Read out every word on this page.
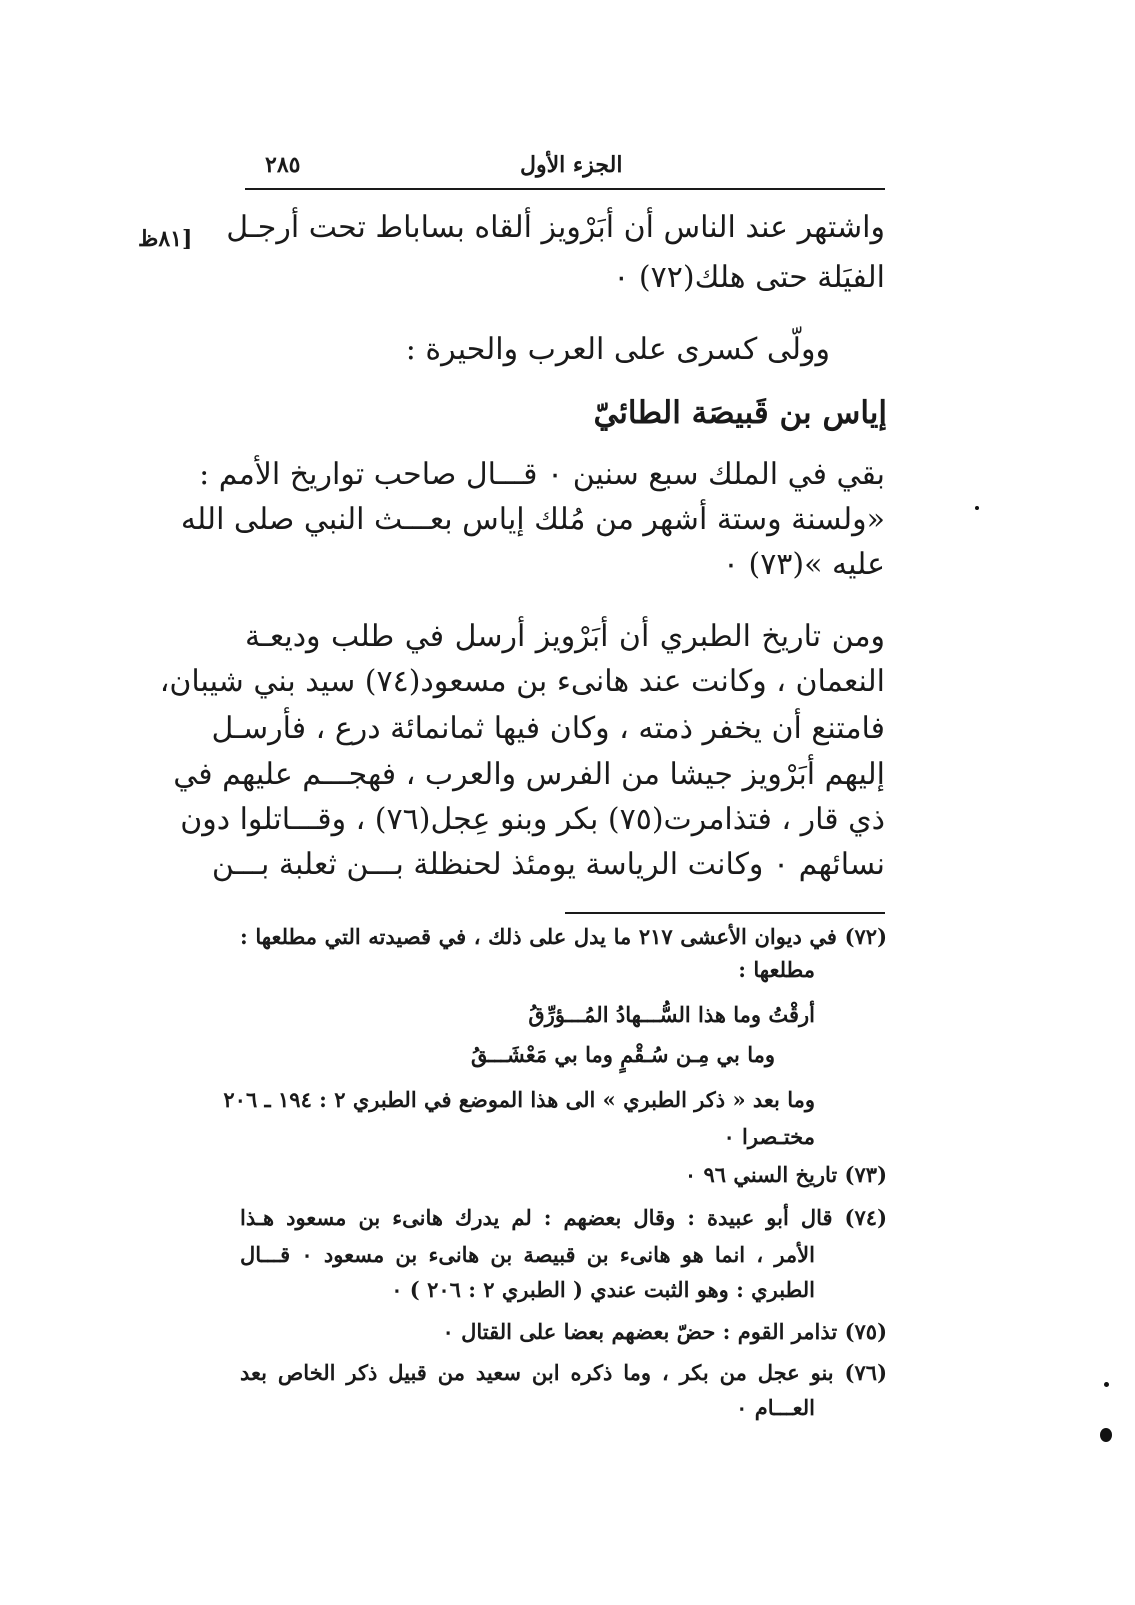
٢٨٥	الجزء الأول
[٨١ظ واشتهر عند الناس أن أبَرْويز ألقاه بساباط تحت أرجـل
الفيَلة حتى هلك(٧٢) ٠
وولّى كسرى على العرب والحيرة :
إياس بن قَبيصَة الطائيّ
بقي في الملك سبع سنين ٠ قـــال صاحب تواريخ الأمم :
«ولسنة وستة أشهر من مُلك إياس بعـــث النبي صلى الله
عليه »(٧٣) ٠
ومن تاريخ الطبري أن أبَرْويز أرسل في طلب وديعـة
النعمان ، وكانت عند هانىء بن مسعود(٧٤) سيد بني شيبان،
فامتنع أن يخفر ذمته ، وكان فيها ثمانمائة درع ، فأرسـل
إليهم أبَرْويز جيشا من الفرس والعرب ، فهجـــم عليهم في
ذي قار ، فتذامرت(٧٥) بكر وبنو عِجل(٧٦) ، وقـــاتلوا دون
نسائهم ٠ وكانت الرياسة يومئذ لحنظلة بـــن ثعلبة بـــن
(٧٢) في ديوان الأعشى ٢١٧ ما يدل على ذلك ، في قصيدته التي مطلعها :
مطلعها :
أرقْتُ وما هذا السُّـــهادُ المُـــؤرِّقُ
وما بي مِـن سُـقْمٍ وما بي مَعْشَـــقُ
وما بعد « ذكر الطبري » الى هذا الموضع في الطبري ٢ : ١٩٤ ـ ٢٠٦
مختـصرا ٠
(٧٣) تاريخ السني ٩٦ ٠
(٧٤) قال أبو عبيدة : وقال بعضهم : لم يدرك هانىء بن مسعود هـذا
الأمر ، انما هو هانىء بن قبيصة بن هانىء بن مسعود ٠ قـــال
الطبري : وهو الثبت عندي ( الطبري ٢ : ٢٠٦ ) ٠
(٧٥) تذامر القوم : حضّ بعضهم بعضا على القتال ٠
(٧٦) بنو عجل من بكر ، وما ذكره ابن سعيد من قبيل ذكر الخاص بعد
العـــام ٠
